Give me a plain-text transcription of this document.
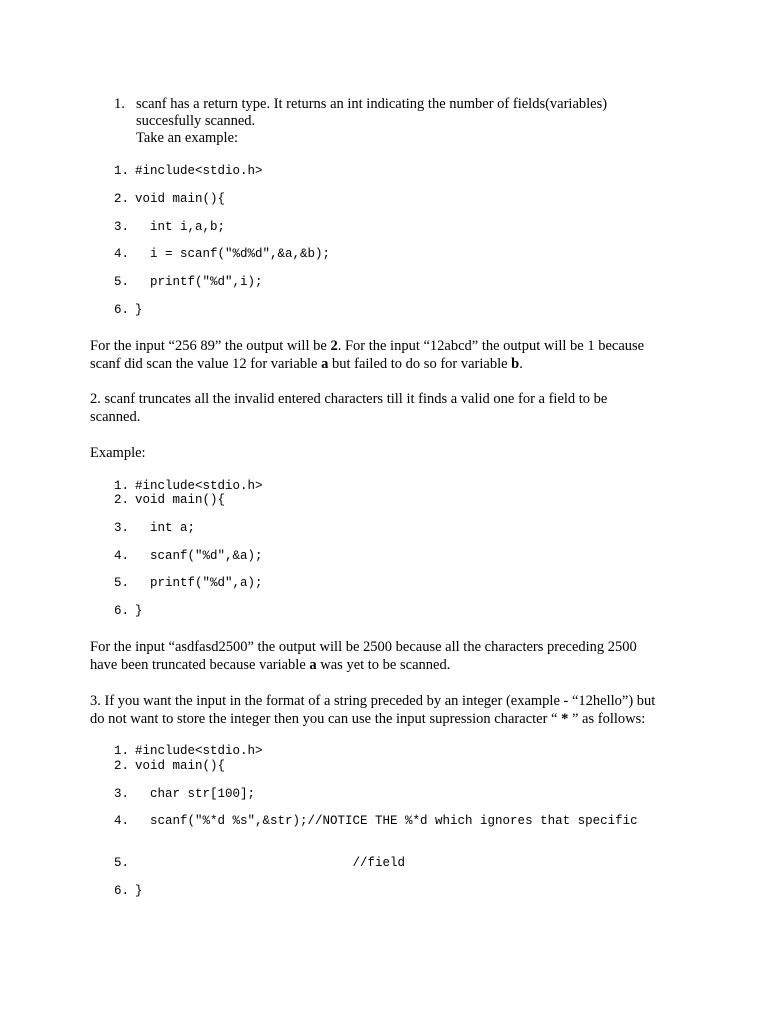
1. scanf has a return type. It returns an int indicating the number of fields(variables)
succesfully scanned.
Take an example:
1. #include<stdio.h>
2. void main(){
3. int i,a,b;
4. i = scanf("%d%d",&a,&b);
5. printf("%d",i);
6. }
For the input “256 89” the output will be 2. For the input “12abcd” the output will be 1 because
scanf did scan the value 12 for variable a but failed to do so for variable b.
2. scanf truncates all the invalid entered characters till it finds a valid one for a field to be
scanned.
Example:
1. #include<stdio.h>
2. void main(){
3. int a;
4. scanf("%d",&a);
5. printf("%d",a);
6. }
For the input “asdfasd2500” the output will be 2500 because all the characters preceding 2500
have been truncated because variable a was yet to be scanned.
3. If you want the input in the format of a string preceded by an integer (example - “12hello”) but
do not want to store the integer then you can use the input supression character “ * ” as follows:
1. #include<stdio.h>
2. void main(){
3. char str[100];
4. scanf("%*d %s",&str);//NOTICE THE %*d which ignores that specific
5. //field
6. }
